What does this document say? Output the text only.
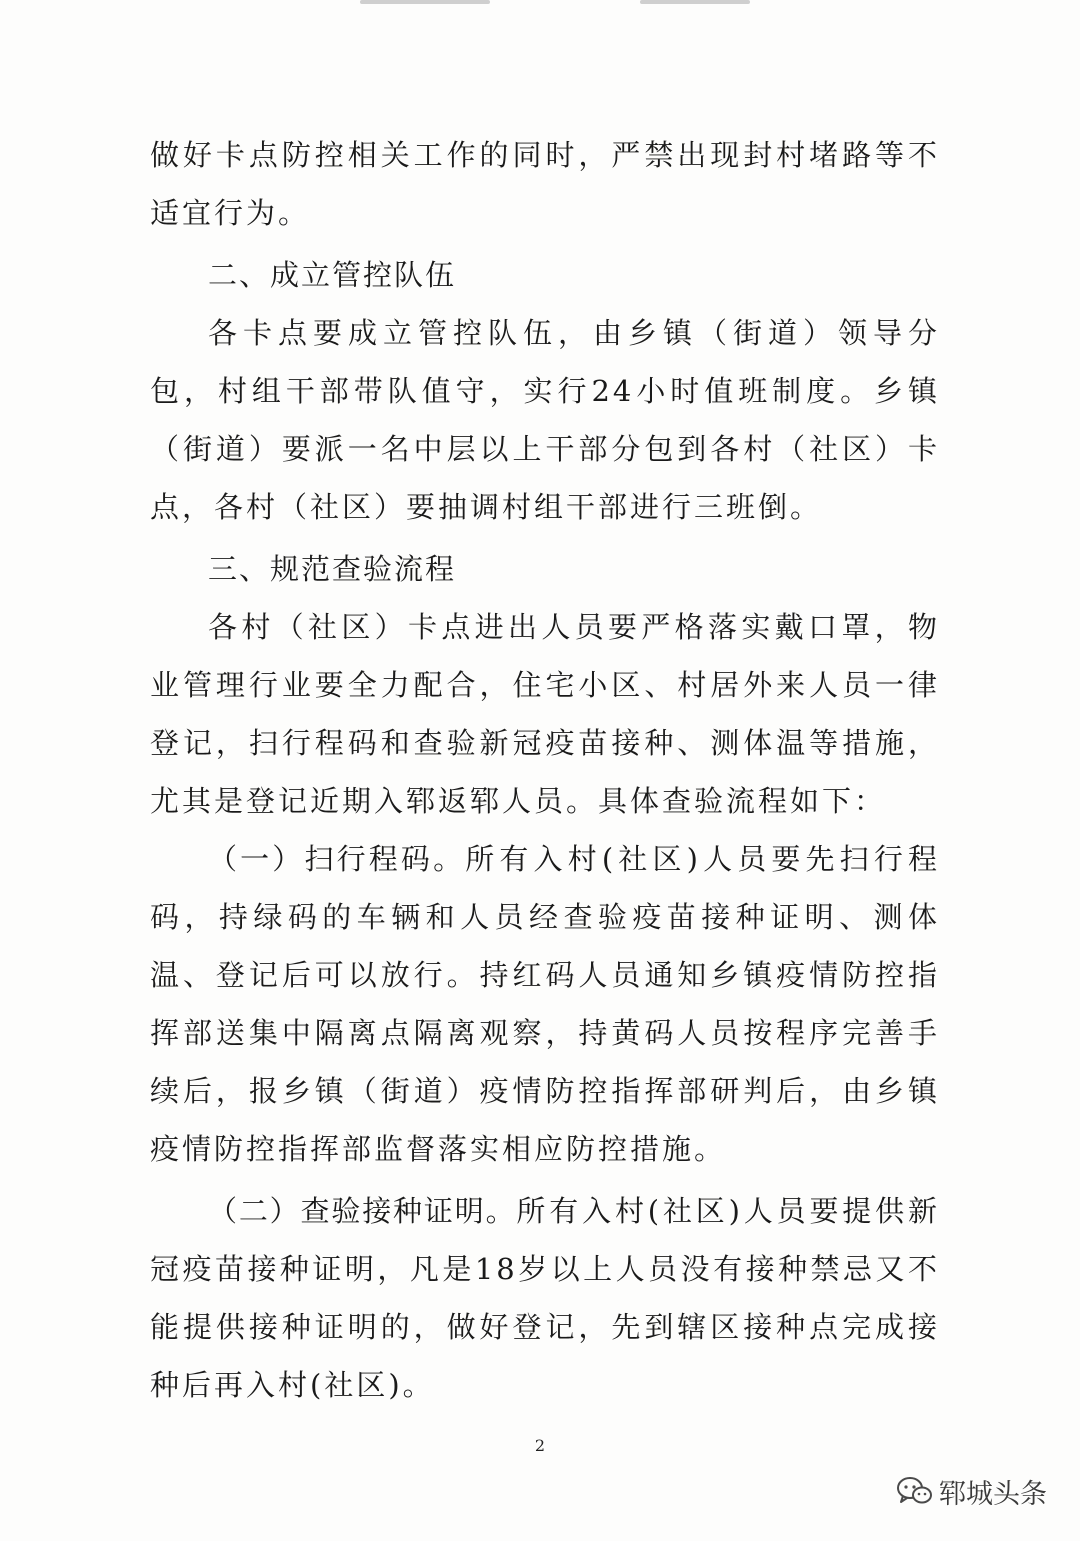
做好卡点防控相关工作的同时，严禁出现封村堵路等不适宜行为。

二、成立管控队伍

各卡点要成立管控队伍，由乡镇（街道）领导分包，村组干部带队值守，实行24小时值班制度。乡镇（街道）要派一名中层以上干部分包到各村（社区）卡点，各村（社区）要抽调村组干部进行三班倒。

三、规范查验流程

各村（社区）卡点进出人员要严格落实戴口罩，物业管理行业要全力配合，住宅小区、村居外来人员一律登记，扫行程码和查验新冠疫苗接种、测体温等措施，尤其是登记近期入郓返郓人员。具体查验流程如下：

（一）扫行程码。所有入村(社区)人员要先扫行程码，持绿码的车辆和人员经查验疫苗接种证明、测体温、登记后可以放行。持红码人员通知乡镇疫情防控指挥部送集中隔离点隔离观察，持黄码人员按程序完善手续后，报乡镇（街道）疫情防控指挥部研判后，由乡镇疫情防控指挥部监督落实相应防控措施。

（二）查验接种证明。所有入村(社区)人员要提供新冠疫苗接种证明，凡是18岁以上人员没有接种禁忌又不能提供接种证明的，做好登记，先到辖区接种点完成接种后再入村(社区)。

2
郓城头条
